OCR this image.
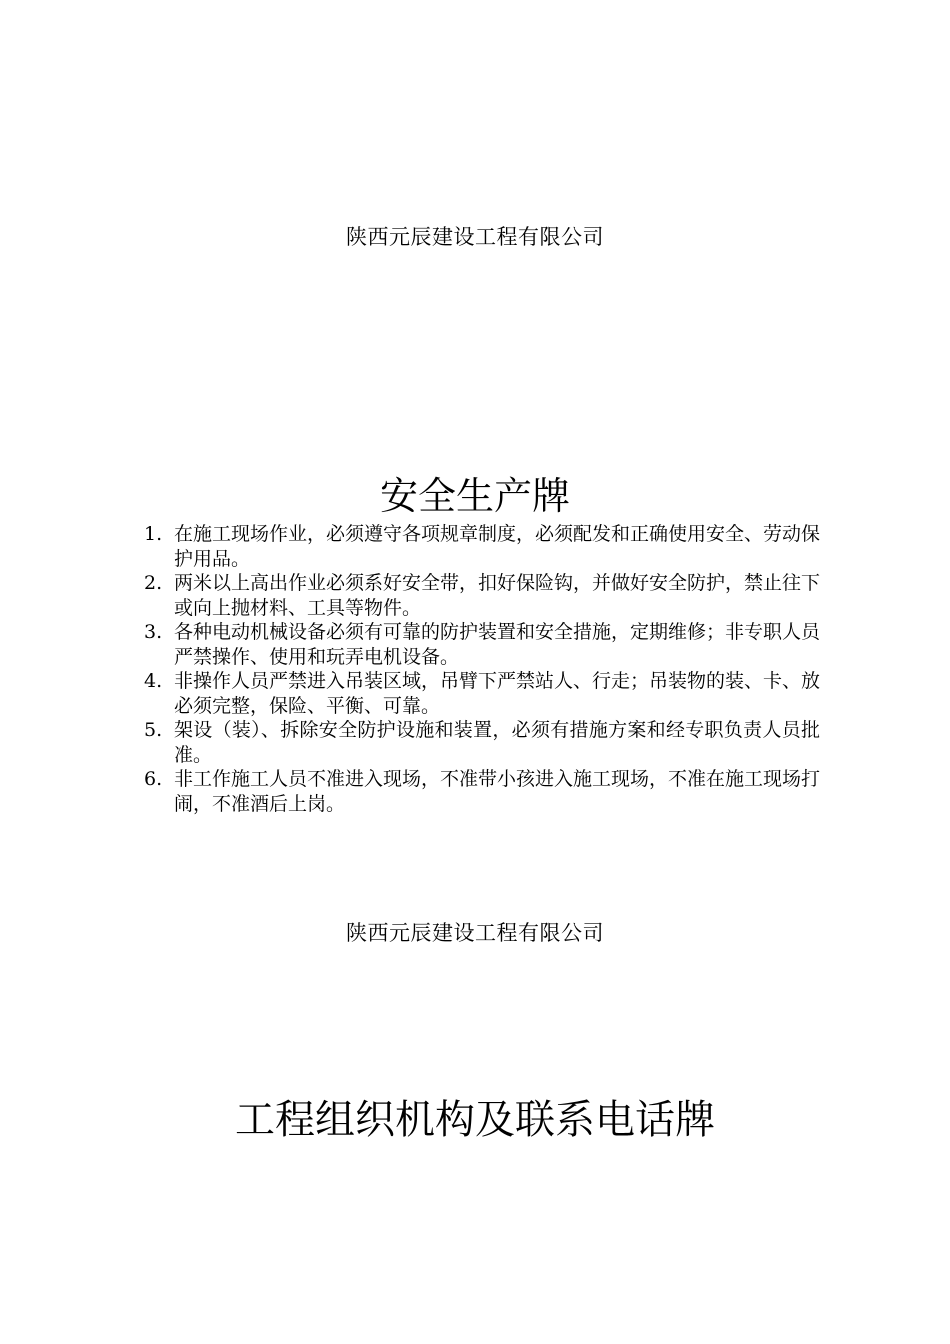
陕西元辰建设工程有限公司
安全生产牌
1. 在施工现场作业，必须遵守各项规章制度，必须配发和正确使用安全、劳动保护用品。
2. 两米以上高出作业必须系好安全带，扣好保险钩，并做好安全防护，禁止往下或向上抛材料、工具等物件。
3. 各种电动机械设备必须有可靠的防护装置和安全措施，定期维修；非专职人员严禁操作、使用和玩弄电机设备。
4. 非操作人员严禁进入吊装区域，吊臂下严禁站人、行走；吊装物的装、卡、放必须完整，保险、平衡、可靠。
5. 架设（装）、拆除安全防护设施和装置，必须有措施方案和经专职负责人员批准。
6. 非工作施工人员不准进入现场，不准带小孩进入施工现场，不准在施工现场打闹，不准酒后上岗。
陕西元辰建设工程有限公司
工程组织机构及联系电话牌
